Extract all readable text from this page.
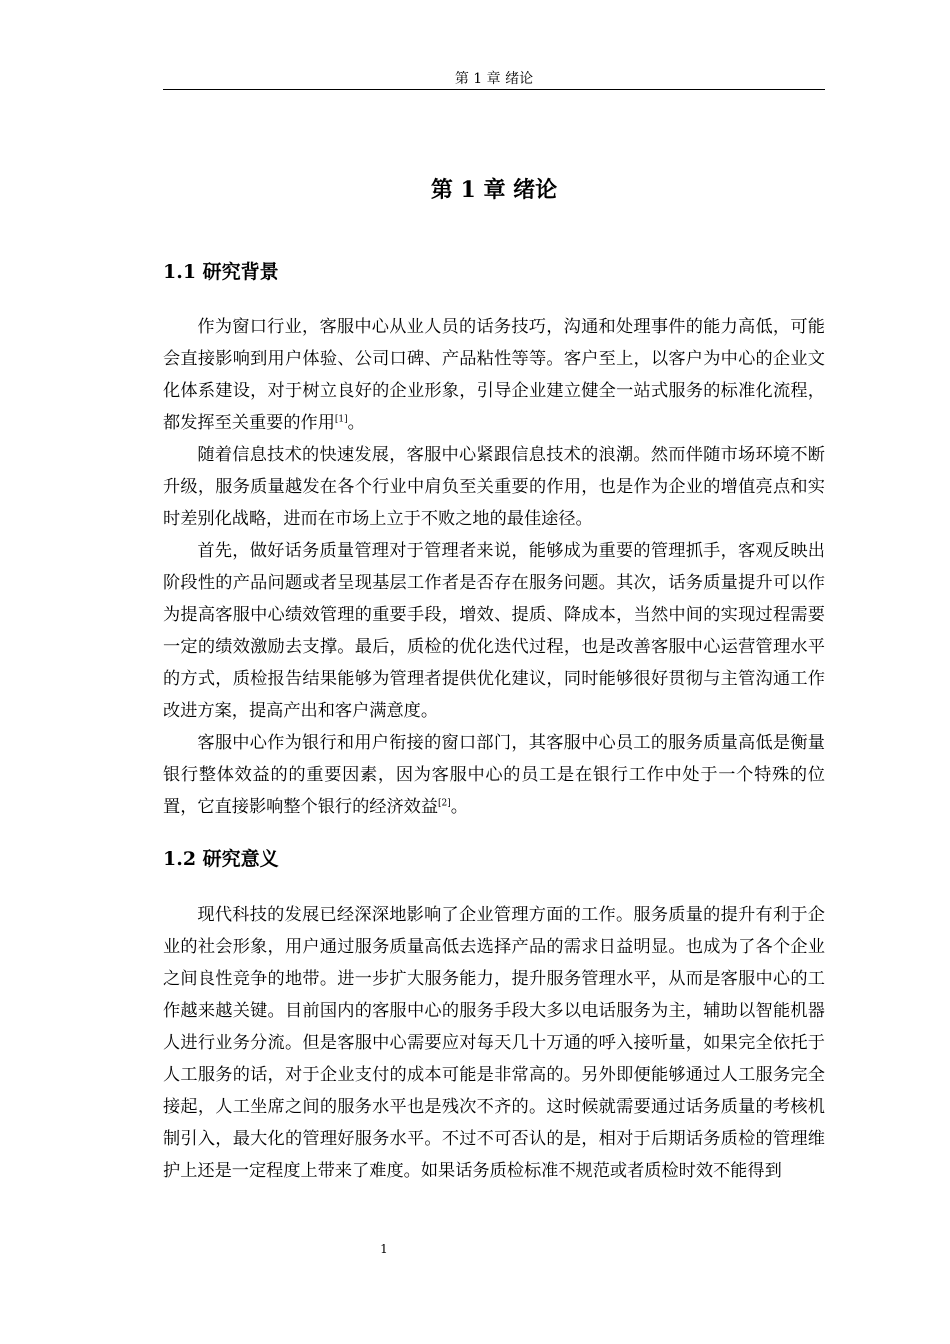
第 1 章 绪论
第 1 章 绪论
1.1 研究背景

作为窗口行业，客服中心从业人员的话务技巧，沟通和处理事件的能力高低，可能会直接影响到用户体验、公司口碑、产品粘性等等。客户至上，以客户为中心的企业文化体系建设，对于树立良好的企业形象，引导企业建立健全一站式服务的标准化流程，都发挥至关重要的作用[1]。

随着信息技术的快速发展，客服中心紧跟信息技术的浪潮。然而伴随市场环境不断升级，服务质量越发在各个行业中肩负至关重要的作用，也是作为企业的增值亮点和实时差别化战略，进而在市场上立于不败之地的最佳途径。

首先，做好话务质量管理对于管理者来说，能够成为重要的管理抓手，客观反映出阶段性的产品问题或者呈现基层工作者是否存在服务问题。其次，话务质量提升可以作为提高客服中心绩效管理的重要手段，增效、提质、降成本，当然中间的实现过程需要一定的绩效激励去支撑。最后，质检的优化迭代过程，也是改善客服中心运营管理水平的方式，质检报告结果能够为管理者提供优化建议，同时能够很好贯彻与主管沟通工作改进方案，提高产出和客户满意度。

客服中心作为银行和用户衔接的窗口部门，其客服中心员工的服务质量高低是衡量银行整体效益的的重要因素，因为客服中心的员工是在银行工作中处于一个特殊的位置，它直接影响整个银行的经济效益[2]。

1.2 研究意义

现代科技的发展已经深深地影响了企业管理方面的工作。服务质量的提升有利于企业的社会形象，用户通过服务质量高低去选择产品的需求日益明显。也成为了各个企业之间良性竞争的地带。进一步扩大服务能力，提升服务管理水平，从而是客服中心的工作越来越关键。目前国内的客服中心的服务手段大多以电话服务为主，辅助以智能机器人进行业务分流。但是客服中心需要应对每天几十万通的呼入接听量，如果完全依托于人工服务的话，对于企业支付的成本可能是非常高的。另外即便能够通过人工服务完全接起，人工坐席之间的服务水平也是残次不齐的。这时候就需要通过话务质量的考核机制引入，最大化的管理好服务水平。不过不可否认的是，相对于后期话务质检的管理维护上还是一定程度上带来了难度。如果话务质检标准不规范或者质检时效不能得到

1
